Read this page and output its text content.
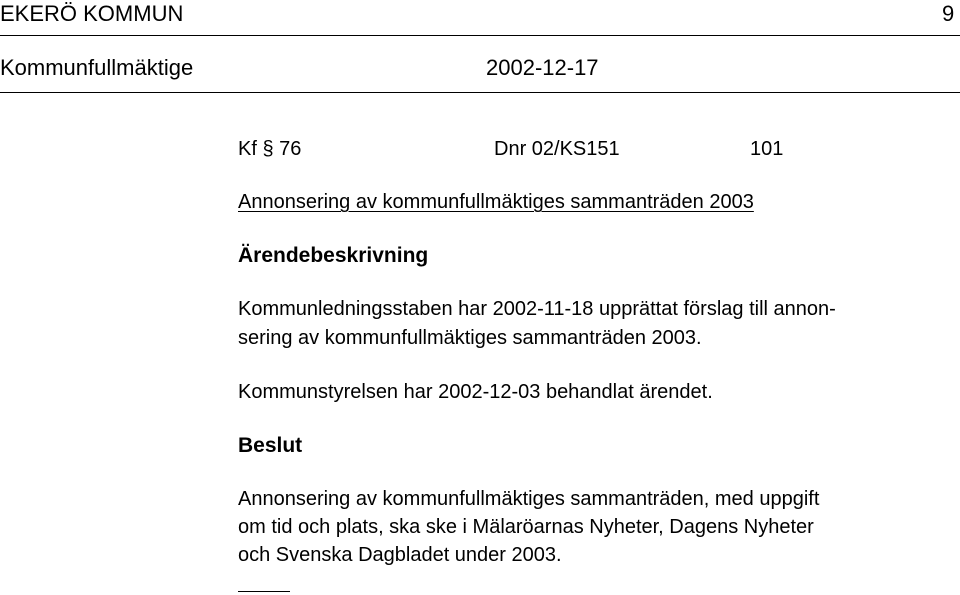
EKERÖ KOMMUN	9
Kommunfullmäktige	2002-12-17
Kf § 76	Dnr 02/KS151	101
Annonsering av kommunfullmäktiges sammanträden 2003
Ärendebeskrivning
Kommunledningsstaben har 2002-11-18 upprättat förslag till annon-
sering av kommunfullmäktiges sammanträden 2003.
Kommunstyrelsen har 2002-12-03 behandlat ärendet.
Beslut
Annonsering av kommunfullmäktiges sammanträden, med uppgift
om tid och plats, ska ske i Mälaröarnas Nyheter, Dagens Nyheter
och Svenska Dagbladet under 2003.
